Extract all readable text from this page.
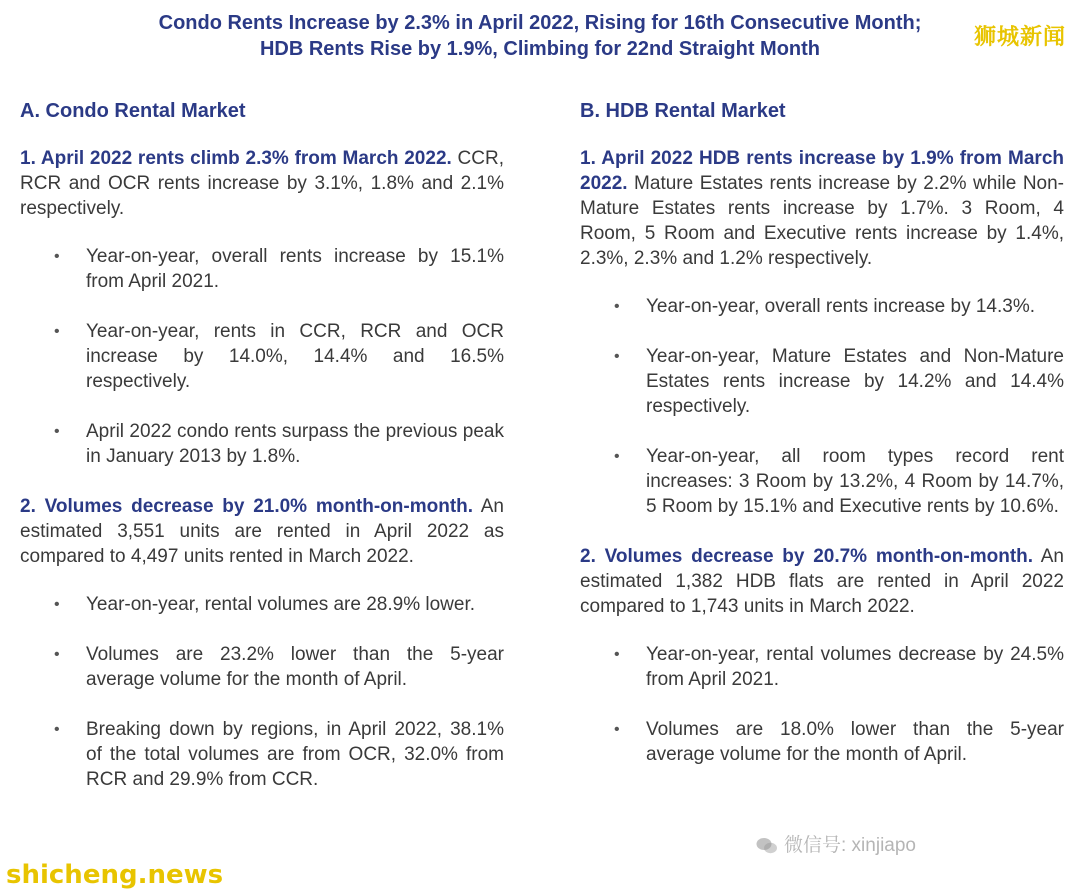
Condo Rents Increase by 2.3% in April 2022, Rising for 16th Consecutive Month;
HDB Rents Rise by 1.9%, Climbing for 22nd Straight Month	狮城新闻
A. Condo Rental Market

1. April 2022 rents climb 2.3% from March 2022. CCR, RCR and OCR rents increase by 3.1%, 1.8% and 2.1% respectively.

• Year-on-year, overall rents increase by 15.1% from April 2021.
• Year-on-year, rents in CCR, RCR and OCR increase by 14.0%, 14.4% and 16.5% respectively.
• April 2022 condo rents surpass the previous peak in January 2013 by 1.8%.

2. Volumes decrease by 21.0% month-on-month. An estimated 3,551 units are rented in April 2022 as compared to 4,497 units rented in March 2022.

• Year-on-year, rental volumes are 28.9% lower.
• Volumes are 23.2% lower than the 5-year average volume for the month of April.
• Breaking down by regions, in April 2022, 38.1% of the total volumes are from OCR, 32.0% from RCR and 29.9% from CCR.
B. HDB Rental Market

1. April 2022 HDB rents increase by 1.9% from March 2022. Mature Estates rents increase by 2.2% while Non-Mature Estates rents increase by 1.7%. 3 Room, 4 Room, 5 Room and Executive rents increase by 1.4%, 2.3%, 2.3% and 1.2% respectively.

• Year-on-year, overall rents increase by 14.3%.
• Year-on-year, Mature Estates and Non-Mature Estates rents increase by 14.2% and 14.4% respectively.
• Year-on-year, all room types record rent increases: 3 Room by 13.2%, 4 Room by 14.7%, 5 Room by 15.1% and Executive rents by 10.6%.

2. Volumes decrease by 20.7% month-on-month. An estimated 1,382 HDB flats are rented in April 2022 compared to 1,743 units in March 2022.

• Year-on-year, rental volumes decrease by 24.5% from April 2021.
• Volumes are 18.0% lower than the 5-year average volume for the month of April.
shicheng.news
微信号: xinjiapo
